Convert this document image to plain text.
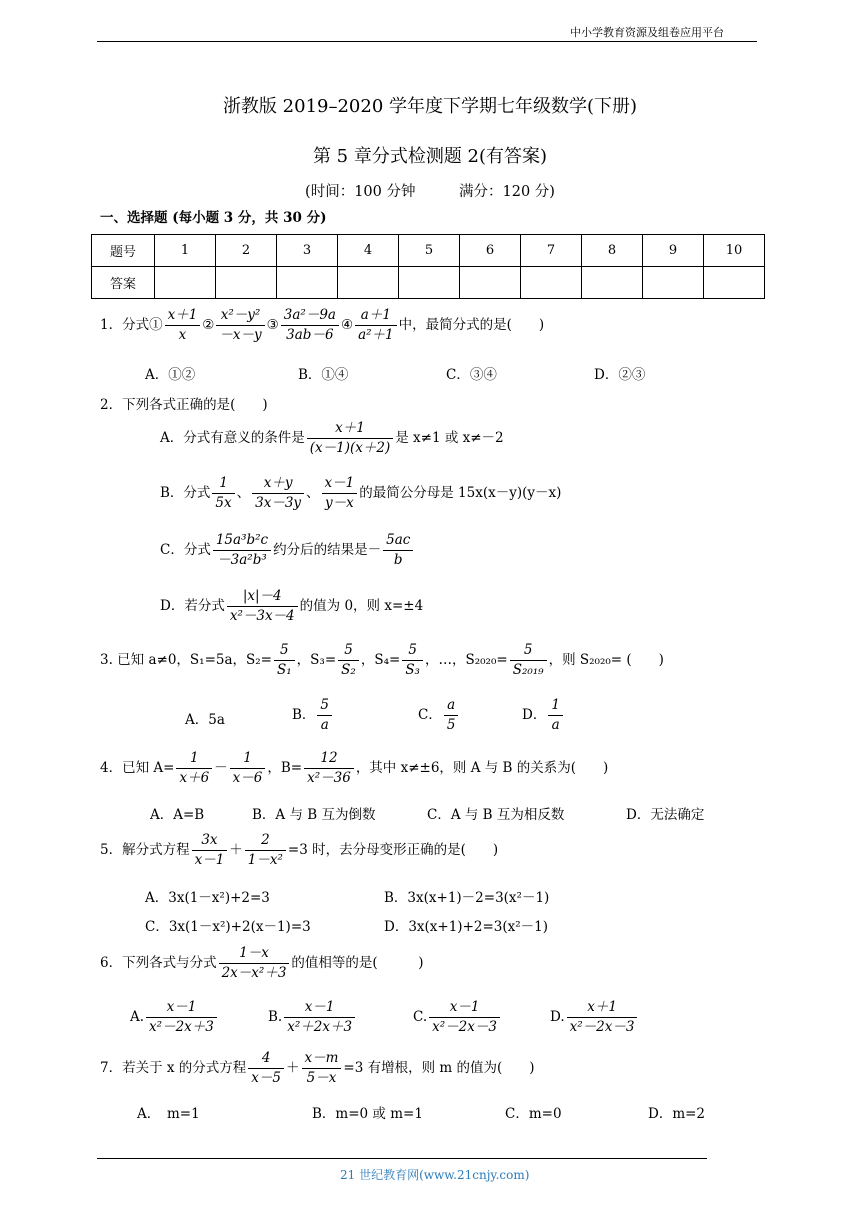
中小学教育资源及组卷应用平台
浙教版 2019–2020 学年度下学期七年级数学(下册)
第 5 章分式检测题 2(有答案)
(时间：100 分钟　　　满分：120 分)
一、选择题 (每小题 3 分，共 30 分)
题号	1	2	3	4	5	6	7	8	9	10
答案										
1．分式① $\frac{x+1}{x}$ ② $\frac{\text{x²－y²}}{-x-y}$ ③ $\frac{\text{3a²－9a}}{3ab-6}$ ④ $\frac{a+1}{\text{a²＋1}}$ 中，最简分式的是(　　)
A．①②	B．①④	C．③④	D．②③
2．下列各式正确的是(　　)
A．分式有意义的条件是 $\frac{x+1}{(x-1)(x+2)}$ 是 x≠1 或 x≠－2
B．分式 $\frac{1}{5x}$ 、 $\frac{x+y}{3x-3y}$ 、 $\frac{x-1}{y-x}$ 的最简公分母是 15x(x－y)(y－x)
C．分式 $\frac{\text{15a³b²c}}{\text{－3a²b³}}$ 约分后的结果是－ $\frac{5ac}{b}$
D．若分式 $\frac{|x|-4}{\text{x²－3x－4}}$ 的值为 0，则 x=±4
3. 已知 a≠0，S₁=5a，$S_2= \frac{5}{\text{S₁}}$ ，$S_3= \frac{5}{\text{S₂}}$ ，$S_4= \frac{5}{\text{S₃}}$ ，…，$S_{2020}= \frac{5}{\text{S₂₀₁₉}}$ ，则 S₂₀₂₀= (　　)
A．5a	B． $\frac{5}{a}$	C． $\frac{a}{5}$	D． $\frac{1}{a}$
4．已知 $A= \frac{1}{x+6} - \frac{1}{x-6}$ ，$B= \frac{12}{\text{x²－36}}$ ，其中 x≠±6，则 A 与 B 的关系为(　　)
A．A=B	B．A 与 B 互为倒数	C．A 与 B 互为相反数	D．无法确定
5．解分式方程 $\frac{3x}{x-1} + \frac{2}{\text{1－x²}} =3$ 时，去分母变形正确的是(　　)
A．3x(1－x²)+2=3	B．3x(x+1)－2=3(x²－1)
C．3x(1－x²)+2(x－1)=3	D．3x(x+1)+2=3(x²－1)
6．下列各式与分式 $\frac{1-x}{\text{2x－x²＋3}}$ 的值相等的是(　　　)
A. $\frac{x-1}{\text{x²－2x＋3}}$	B. $\frac{x-1}{\text{x²＋2x＋3}}$	C. $\frac{x-1}{\text{x²－2x－3}}$	D. $\frac{x+1}{\text{x²－2x－3}}$
7．若关于 x 的分式方程 $\frac{4}{x-5} + \frac{x-m}{5-x} =3$ 有增根，则 m 的值为(　　)
A．　m=1	B．m=0 或 m=1	C．m=0	D．m=2
21 世纪教育网(www.21cnjy.com)
